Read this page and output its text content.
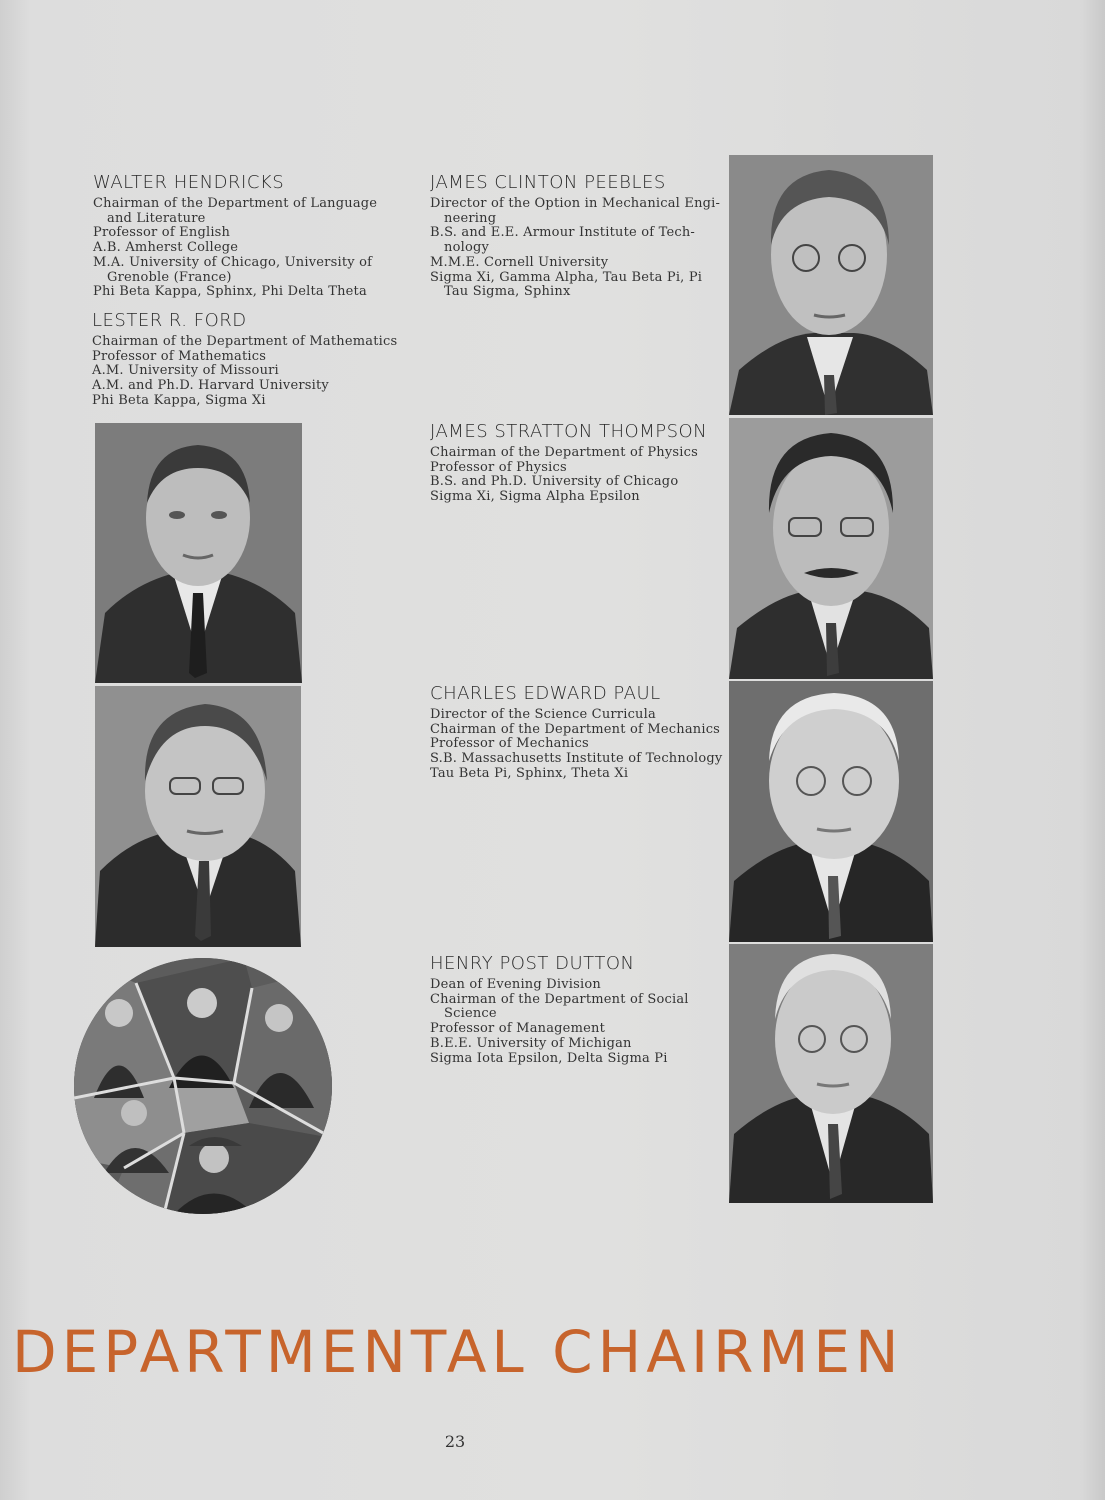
WALTER HENDRICKS
Chairman of the Department of Language
and Literature
Professor of English
A.B. Amherst College
M.A. University of Chicago, University of
Grenoble (France)
Phi Beta Kappa, Sphinx, Phi Delta Theta
LESTER R. FORD
Chairman of the Department of Mathematics
Professor of Mathematics
A.M. University of Missouri
A.M. and Ph.D. Harvard University
Phi Beta Kappa, Sigma Xi
JAMES CLINTON PEEBLES
Director of the Option in Mechanical Engi-
neering
B.S. and E.E. Armour Institute of Tech-
nology
M.M.E. Cornell University
Sigma Xi, Gamma Alpha, Tau Beta Pi, Pi
Tau Sigma, Sphinx
JAMES STRATTON THOMPSON
Chairman of the Department of Physics
Professor of Physics
B.S. and Ph.D. University of Chicago
Sigma Xi, Sigma Alpha Epsilon
CHARLES EDWARD PAUL
Director of the Science Curricula
Chairman of the Department of Mechanics
Professor of Mechanics
S.B. Massachusetts Institute of Technology
Tau Beta Pi, Sphinx, Theta Xi
HENRY POST DUTTON
Dean of Evening Division
Chairman of the Department of Social
Science
Professor of Management
B.E.E. University of Michigan
Sigma Iota Epsilon, Delta Sigma Pi
DEPARTMENTAL CHAIRMEN
23
